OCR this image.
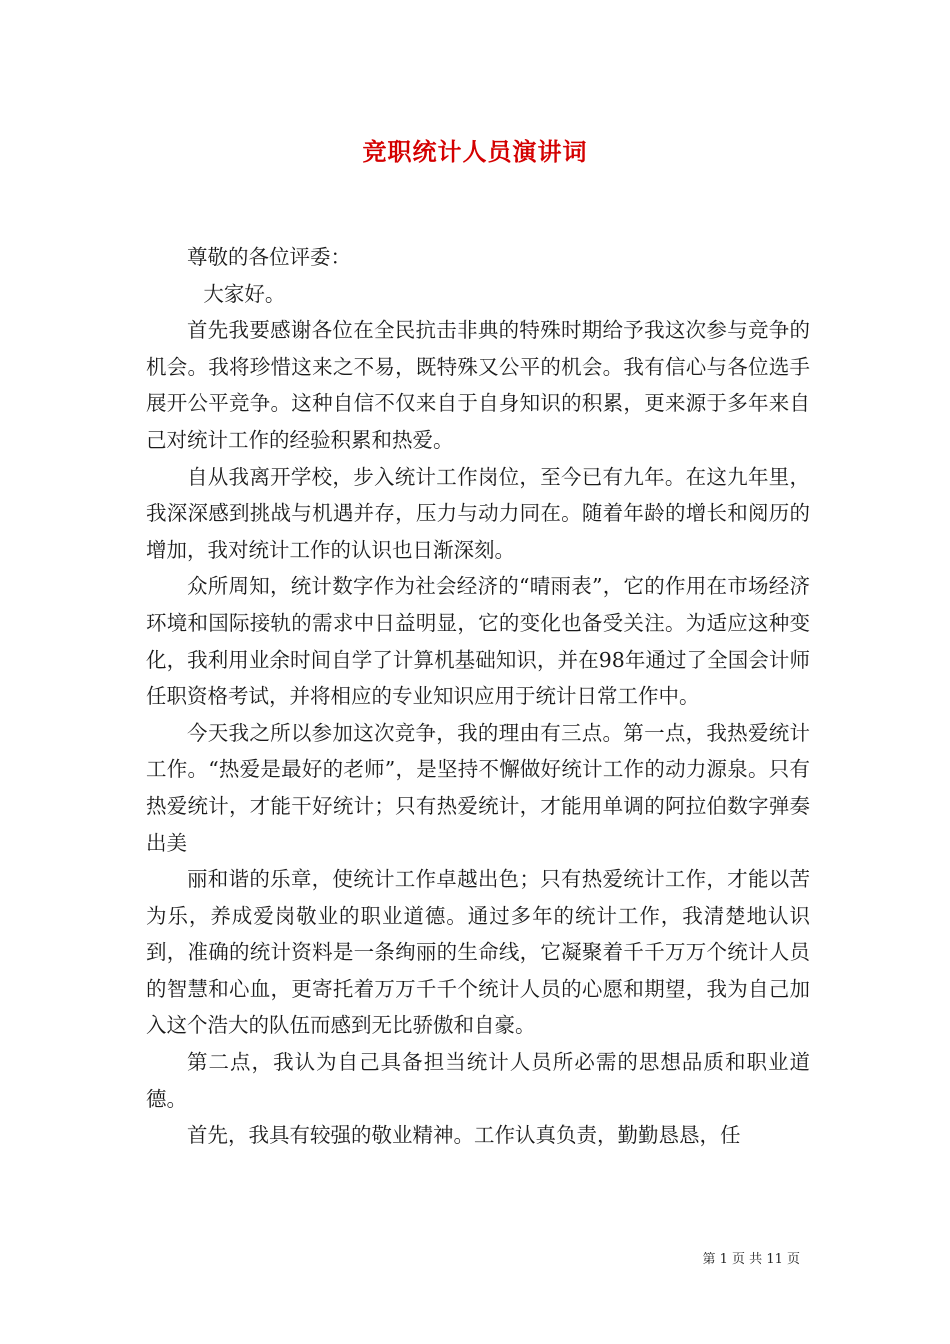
竞职统计人员演讲词

尊敬的各位评委：

大家好。

首先我要感谢各位在全民抗击非典的特殊时期给予我这次参与竞争的机会。我将珍惜这来之不易，既特殊又公平的机会。我有信心与各位选手展开公平竞争。这种自信不仅来自于自身知识的积累，更来源于多年来自己对统计工作的经验积累和热爱。

自从我离开学校，步入统计工作岗位，至今已有九年。在这九年里，我深深感到挑战与机遇并存，压力与动力同在。随着年龄的增长和阅历的增加，我对统计工作的认识也日渐深刻。

众所周知，统计数字作为社会经济的“晴雨表”，它的作用在市场经济环境和国际接轨的需求中日益明显，它的变化也备受关注。为适应这种变化，我利用业余时间自学了计算机基础知识，并在98年通过了全国会计师任职资格考试，并将相应的专业知识应用于统计日常工作中。

今天我之所以参加这次竞争，我的理由有三点。第一点，我热爱统计工作。“热爱是最好的老师”，是坚持不懈做好统计工作的动力源泉。只有热爱统计，才能干好统计；只有热爱统计，才能用单调的阿拉伯数字弹奏出美

丽和谐的乐章，使统计工作卓越出色；只有热爱统计工作，才能以苦为乐，养成爱岗敬业的职业道德。通过多年的统计工作，我清楚地认识到，准确的统计资料是一条绚丽的生命线，它凝聚着千千万万个统计人员的智慧和心血，更寄托着万万千千个统计人员的心愿和期望，我为自己加入这个浩大的队伍而感到无比骄傲和自豪。

第二点，我认为自己具备担当统计人员所必需的思想品质和职业道德。

首先，我具有较强的敬业精神。工作认真负责，勤勤恳恳，任

第 1 页 共 11 页
